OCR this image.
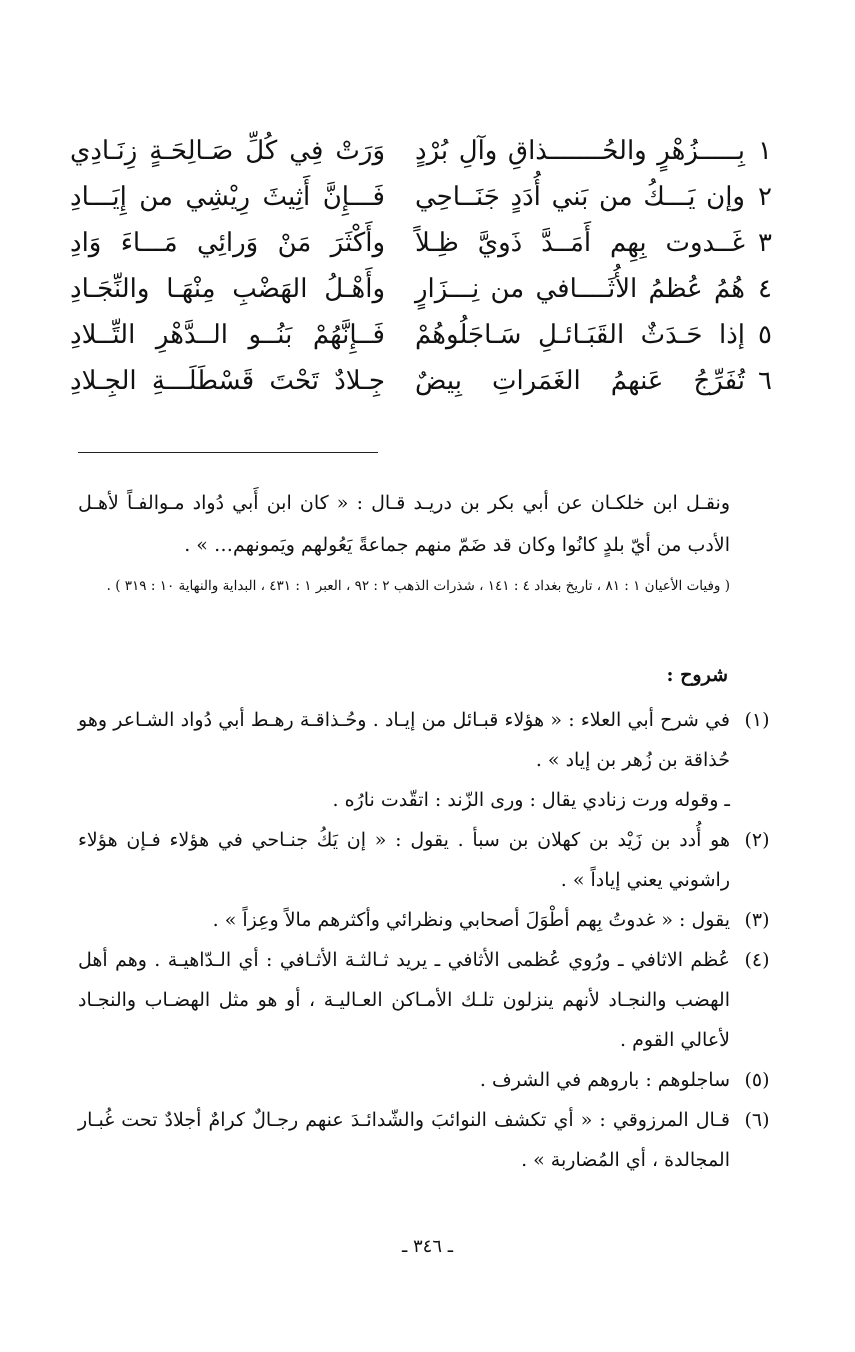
١
بِـــــزُهْرٍ والحُـــــــذاقِ وآلِ بُرْدٍ
وَرَتْ فِي كُلِّ صَـالِحَـةٍ زِنَـادِي
٢
وإن يَـــكُ من بَني أُدَدٍ جَنَــاحِي
فَـــإِنَّ أَثِيثَ رِيْشِي من إِيَـــادِ
٣
غَــدوت بِهِم أَمَــدَّ ذَويَّ ظِـلاً
وأَكْثَرَ مَنْ وَرائِي مَـــاءَ وَادِ
٤
هُمُ عُظمُ الأُثَــــافي من نِـــزَارٍ
وأَهْـلُ الهَضْبِ مِنْهَـا والنِّجَـادِ
٥
إذا حَـدَثٌ القَبَـائـلِ سَـاجَلُوهُمْ
فَــإِنَّهُمْ بَنُــو الــدَّهْرِ التِّــلادِ
٦
تُفَرِّجُ عَنهمُ الغَمَراتِ بِيضٌ
جِـلادٌ تَحْتَ قَسْطَلَـــةِ الجِـلادِ
ونقـل ابن خلكـان عن أبي بكر بن دريـد قـال : « كان ابن أَبي دُواد مـوالفـاً لأهـل الأدب من أيّ بلدٍ كانُوا وكان قد ضَمّ منهم جماعةً يَعُولهم ويَمونهم… » .
( وفيات الأعيان ١ : ٨١ ، تاريخ بغداد ٤ : ١٤١ ، شذرات الذهب ٢ : ٩٢ ، العبر ١ : ٤٣١ ، البداية والنهاية ١٠ : ٣١٩ ) .
شروح :
(١)
في شرح أبي العلاء : « هؤلاء قبـائل من إيـاد . وحُـذاقـة رهـط أبي دُواد الشـاعر وهو حُذاقة بن زُهر بن إياد » .
ـ وقوله ورت زنادي يقال : ورى الزّند : اتقّدت نارُه .
(٢)
هو أُدد بن زَيْد بن كهلان بن سبأ . يقول : « إن يَكُ جنـاحي في هؤلاء فـإن هؤلاء راشوني يعني إياداً » .
(٣)
يقول : « غدوتُ بِهم أطْوَلَ أصحابي ونظرائي وأكثرهم مالاً وعِزاً » .
(٤)
عُظم الاثافي ـ ورُوي عُظمى الأثافي ـ يريد ثـالثـة الأثـافي : أي الـدّاهيـة . وهم أهل الهضب والنجـاد لأنهم ينزلون تلـك الأمـاكن العـاليـة ، أو هو مثل الهضـاب والنجـاد لأعالي القوم .
(٥)
ساجلوهم : باروهم في الشرف .
(٦)
قـال المرزوقي : « أي تكشف النوائبَ والشّدائـدَ عنهم رجـالٌ كرامٌ أجلادٌ تحت غُبـار المجالدة ، أي المُضاربة » .
ـ ٣٤٦ ـ
